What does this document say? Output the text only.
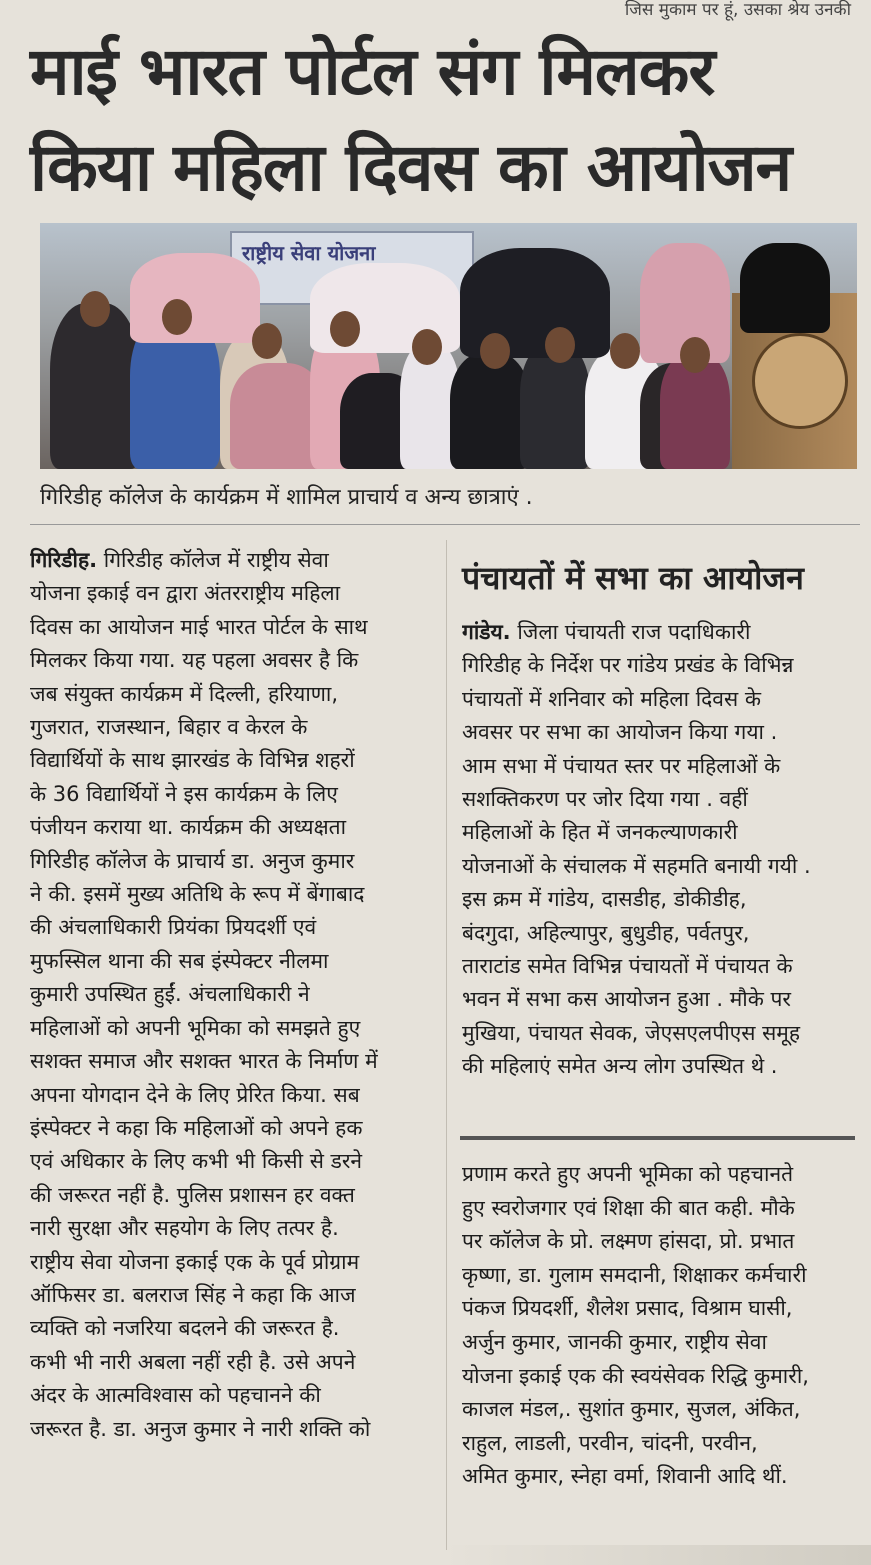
जिस मुकाम पर हूं, उसका श्रेय उनकी
माई भारत पोर्टल संग मिलकर
किया महिला दिवस का आयोजन
राष्ट्रीय सेवा योजना
गिरिडीह कॉलेज के कार्यक्रम में शामिल प्राचार्य व अन्य छात्राएं .
गिरिडीह. गिरिडीह कॉलेज में राष्ट्रीय सेवा
योजना इकाई वन द्वारा अंतरराष्ट्रीय महिला
दिवस का आयोजन माई भारत पोर्टल के साथ
मिलकर किया गया. यह पहला अवसर है कि
जब संयुक्त कार्यक्रम में दिल्ली, हरियाणा,
गुजरात, राजस्थान, बिहार व केरल के
विद्यार्थियों के साथ झारखंड के विभिन्न शहरों
के 36 विद्यार्थियों ने इस कार्यक्रम के लिए
पंजीयन कराया था. कार्यक्रम की अध्यक्षता
गिरिडीह कॉलेज के प्राचार्य डा. अनुज कुमार
ने की. इसमें मुख्य अतिथि के रूप में बेंगाबाद
की अंचलाधिकारी प्रियंका प्रियदर्शी एवं
मुफस्सिल थाना की सब इंस्पेक्टर नीलमा
कुमारी उपस्थित हुईं. अंचलाधिकारी ने
महिलाओं को अपनी भूमिका को समझते हुए
सशक्त समाज और सशक्त भारत के निर्माण में
अपना योगदान देने के लिए प्रेरित किया. सब
इंस्पेक्टर ने कहा कि महिलाओं को अपने हक
एवं अधिकार के लिए कभी भी किसी से डरने
की जरूरत नहीं है. पुलिस प्रशासन हर वक्त
नारी सुरक्षा और सहयोग के लिए तत्पर है.
राष्ट्रीय सेवा योजना इकाई एक के पूर्व प्रोग्राम
ऑफिसर डा. बलराज सिंह ने कहा कि आज
व्यक्ति को नजरिया बदलने की जरूरत है.
कभी भी नारी अबला नहीं रही है. उसे अपने
अंदर के आत्मविश्वास को पहचानने की
जरूरत है. डा. अनुज कुमार ने नारी शक्ति को
पंचायतों में सभा का आयोजन
गांडेय. जिला पंचायती राज पदाधिकारी
गिरिडीह के निर्देश पर गांडेय प्रखंड के विभिन्न
पंचायतों में शनिवार को महिला दिवस के
अवसर पर सभा का आयोजन किया गया .
आम सभा में पंचायत स्तर पर महिलाओं के
सशक्तिकरण पर जोर दिया गया . वहीं
महिलाओं के हित में जनकल्याणकारी
योजनाओं के संचालक में सहमति बनायी गयी .
इस क्रम में गांडेय, दासडीह, डोकीडीह,
बंदगुदा, अहिल्यापुर, बुधुडीह, पर्वतपुर,
ताराटांड समेत विभिन्न पंचायतों में पंचायत के
भवन में सभा कस आयोजन हुआ . मौके पर
मुखिया, पंचायत सेवक, जेएसएलपीएस समूह
की महिलाएं समेत अन्य लोग उपस्थित थे .
प्रणाम करते हुए अपनी भूमिका को पहचानते
हुए स्वरोजगार एवं शिक्षा की बात कही. मौके
पर कॉलेज के प्रो. लक्ष्मण हांसदा, प्रो. प्रभात
कृष्णा, डा. गुलाम समदानी, शिक्षाकर कर्मचारी
पंकज प्रियदर्शी, शैलेश प्रसाद, विश्राम घासी,
अर्जुन कुमार, जानकी कुमार, राष्ट्रीय सेवा
योजना इकाई एक की स्वयंसेवक रिद्धि कुमारी,
काजल मंडल,. सुशांत कुमार, सुजल, अंकित,
राहुल, लाडली, परवीन, चांदनी, परवीन,
अमित कुमार, स्नेहा वर्मा, शिवानी आदि थीं.
